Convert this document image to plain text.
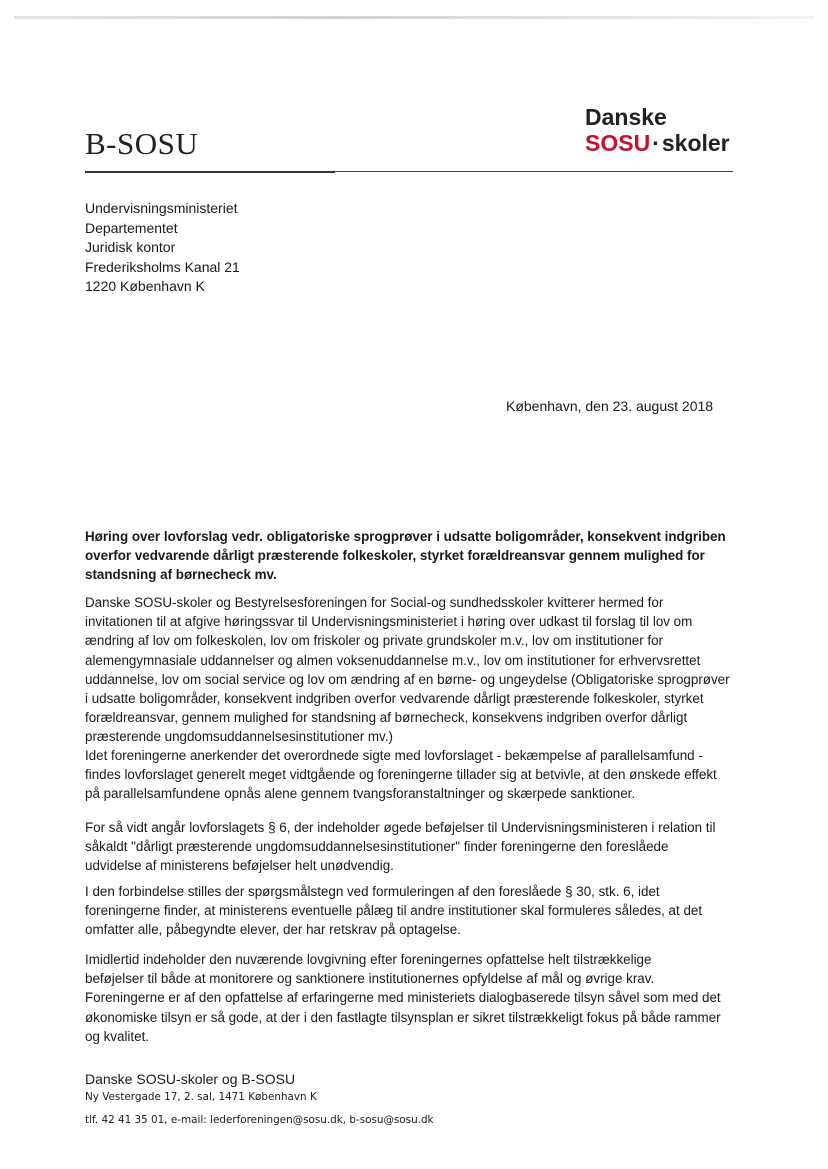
B-SOSU
Danske
SOSU·skoler
Undervisningsministeriet
Departementet
Juridisk kontor
Frederiksholms Kanal 21
1220 København K
København, den 23. august 2018
Høring over lovforslag vedr. obligatoriske sprogprøver i udsatte boligområder, konsekvent indgriben
overfor vedvarende dårligt præsterende folkeskoler, styrket forældreansvar gennem mulighed for
standsning af børnecheck mv.
Danske SOSU-skoler og Bestyrelsesforeningen for Social-og sundhedsskoler kvitterer hermed for
invitationen til at afgive høringssvar til Undervisningsministeriet i høring over udkast til forslag til lov om
ændring af lov om folkeskolen, lov om friskoler og private grundskoler m.v., lov om institutioner for
alemengymnasiale uddannelser og almen voksenuddannelse m.v., lov om institutioner for erhvervsrettet
uddannelse, lov om social service og lov om ændring af en børne- og ungeydelse (Obligatoriske sprogprøver
i udsatte boligområder, konsekvent indgriben overfor vedvarende dårligt præsterende folkeskoler, styrket
forældreansvar, gennem mulighed for standsning af børnecheck, konsekvens indgriben overfor dårligt
præsterende ungdomsuddannelsesinstitutioner mv.)
Idet foreningerne anerkender det overordnede sigte med lovforslaget - bekæmpelse af parallelsamfund -
findes lovforslaget generelt meget vidtgående og foreningerne tillader sig at betvivle, at den ønskede effekt
på parallelsamfundene opnås alene gennem tvangsforanstaltninger og skærpede sanktioner.
For så vidt angår lovforslagets § 6, der indeholder øgede beføjelser til Undervisningsministeren i relation til
såkaldt "dårligt præsterende ungdomsuddannelsesinstitutioner" finder foreningerne den foreslåede
udvidelse af ministerens beføjelser helt unødvendig.
I den forbindelse stilles der spørgsmålstegn ved formuleringen af den foreslåede § 30, stk. 6, idet
foreningerne finder, at ministerens eventuelle pålæg til andre institutioner skal formuleres således, at det
omfatter alle, påbegyndte elever, der har retskrav på optagelse.
Imidlertid indeholder den nuværende lovgivning efter foreningernes opfattelse helt tilstrækkelige
beføjelser til både at monitorere og sanktionere institutionernes opfyldelse af mål og øvrige krav.
Foreningerne er af den opfattelse af erfaringerne med ministeriets dialogbaserede tilsyn såvel som med det
økonomiske tilsyn er så gode, at der i den fastlagte tilsynsplan er sikret tilstrækkeligt fokus på både rammer
og kvalitet.
Danske SOSU-skoler og B-SOSU
Ny Vestergade 17, 2. sal, 1471 København K
tlf. 42 41 35 01, e-mail: lederforeningen@sosu.dk, b-sosu@sosu.dk
